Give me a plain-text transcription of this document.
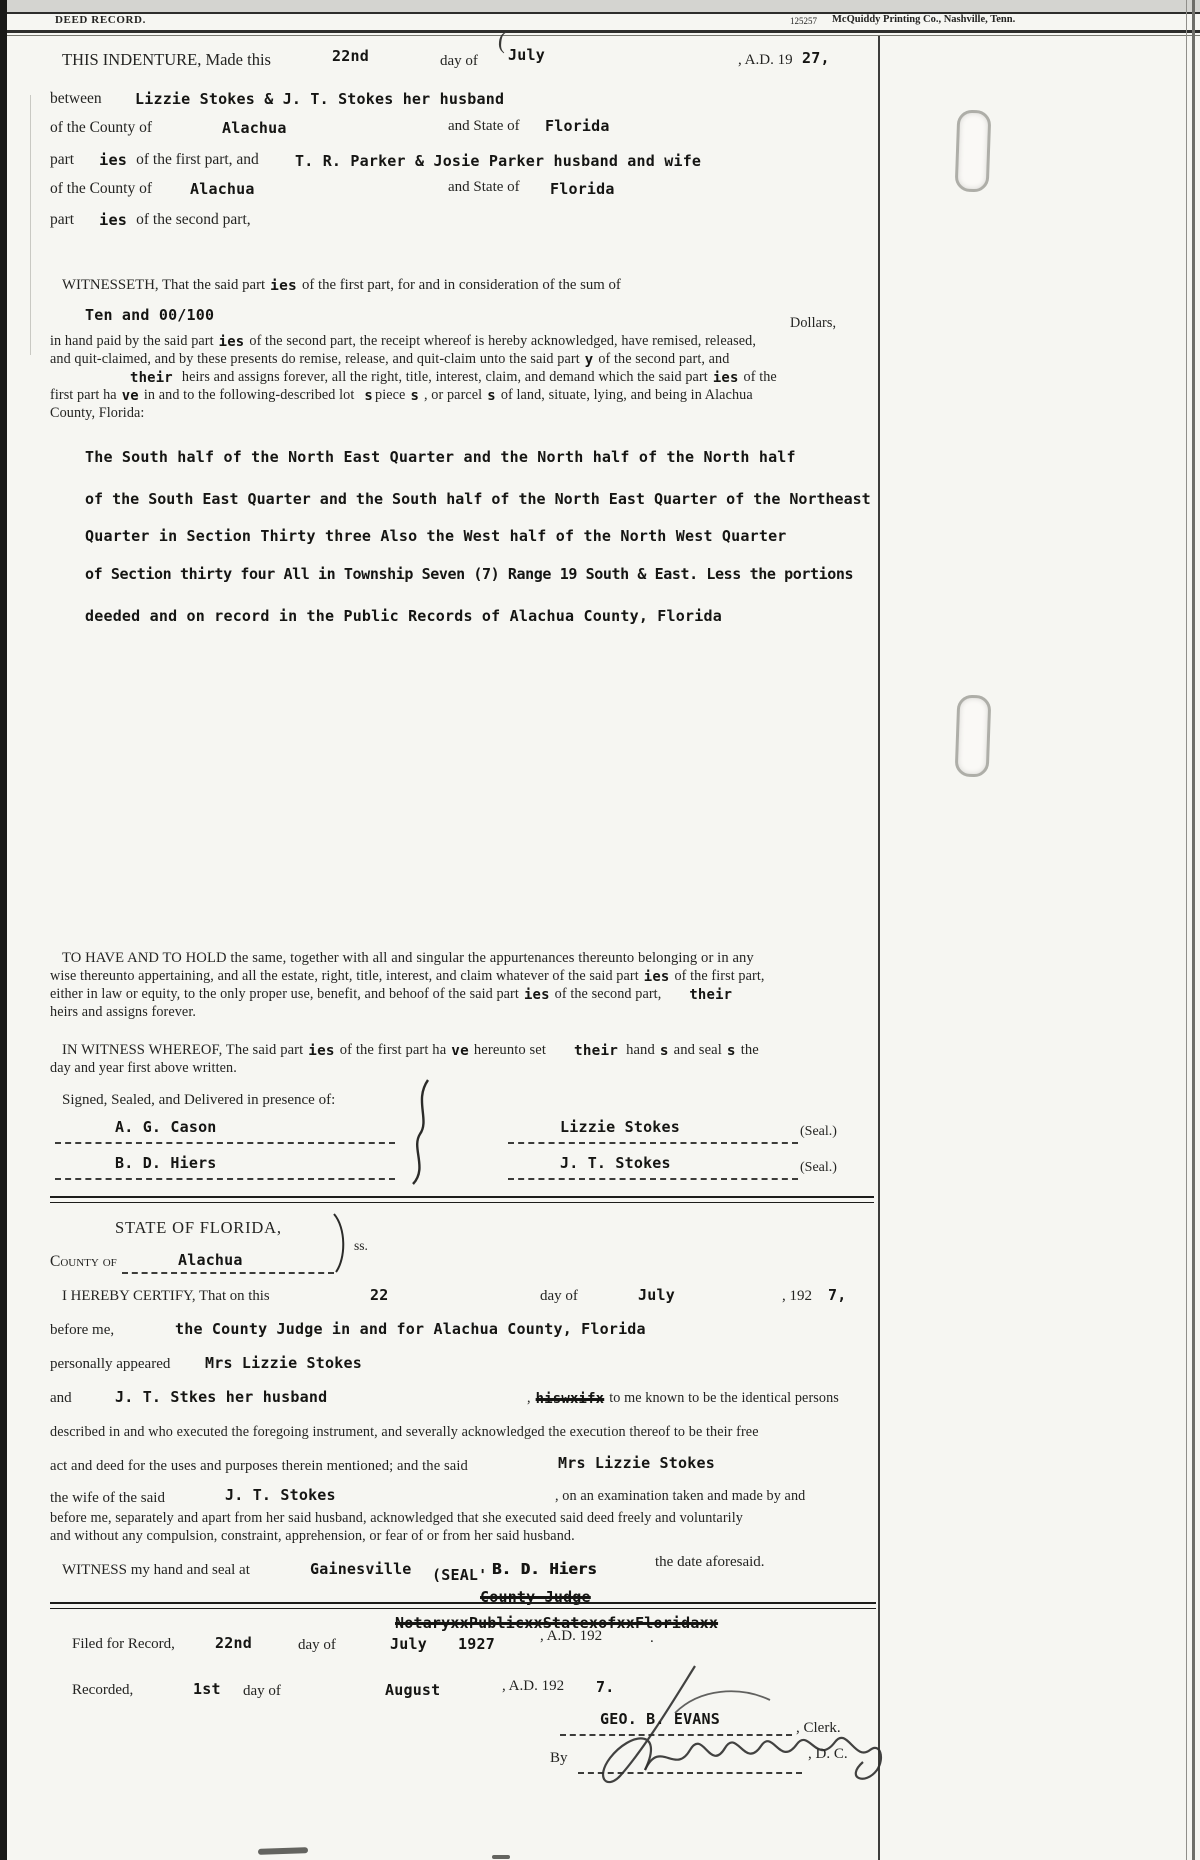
DEED RECORD.	125257 McQuiddy Printing Co., Nashville, Tenn.
THIS INDENTURE, Made this	22nd	day of
(
July	, A.D. 19 27,
between Lizzie Stokes & J. T. Stokes her husband
of the County of	Alachua	and State of Florida
part ies of the first part, and T. R. Parker & Josie Parker husband and wife
of the County of	Alachua	and State of Florida
part ies of the second part,
WITNESSETH, That the said part ies of the first part, for and in consideration of the sum of
Ten and 00/100	Dollars,
in hand paid by the said part ies of the second part, the receipt whereof is hereby acknowledged, have remised, released,
and quit-claimed, and by these presents do remise, release, and quit-claim unto the said part y of the second part, and
their heirs and assigns forever, all the right, title, interest, claim, and demand which the said part ies of the
first part ha ve in and to the following-described lot s piece s , or parcel s of land, situate, lying, and being in Alachua
County, Florida:
The South half of the North East Quarter and the North half of the North half
of the South East Quarter and the South half of the North East Quarter of the Northeast
Quarter in Section Thirty three Also the West half of the North West Quarter
of Section thirty four All in Township Seven (7) Range 19 South & East. Less the portions
deeded and on record in the Public Records of Alachua County, Florida
TO HAVE AND TO HOLD the same, together with all and singular the appurtenances thereunto belonging or in any
wise thereunto appertaining, and all the estate, right, title, interest, and claim whatever of the said part ies of the first part,
either in law or equity, to the only proper use, benefit, and behoof of the said part ies of the second part, their
heirs and assigns forever.
IN WITNESS WHEREOF, The said part ies of the first part ha ve hereunto set their hand s and seal s the
day and year first above written.
Signed, Sealed, and Delivered in presence of:
A. G. Cason	Lizzie Stokes	(Seal.)
B. D. Hiers	J. T. Stokes	(Seal.)
STATE OF FLORIDA,
County of	Alachua
ss.
I HEREBY CERTIFY, That on this	22	day of	July	, 192 7,
before me,	the County Judge in and for Alachua County, Florida
personally appeared Mrs Lizzie Stokes
and	J. T. Stkes her husband	, hiswxifx to me known to be the identical persons
described in and who executed the foregoing instrument, and severally acknowledged the execution thereof to be their free
act and deed for the uses and purposes therein mentioned; and the said	Mrs Lizzie Stokes
the wife of the said	J. T. Stokes	, on an examination taken and made by and
before me, separately and apart from her said husband, acknowledged that she executed said deed freely and voluntarily
and without any compulsion, constraint, apprehension, or fear of or from her said husband.
WITNESS my hand and seal at	Gainesville (SEAL' B. D. Hiers	the date aforesaid.
County Judge
NotaryxxPublicxxStatexofxxFloridaxx
Filed for Record,	22nd	day of	July 1927	, A.D. 192	.
Recorded,	1st day of	August	, A.D. 192 7.
GEO. B. EVANS	, Clerk.
By	, D. C.
